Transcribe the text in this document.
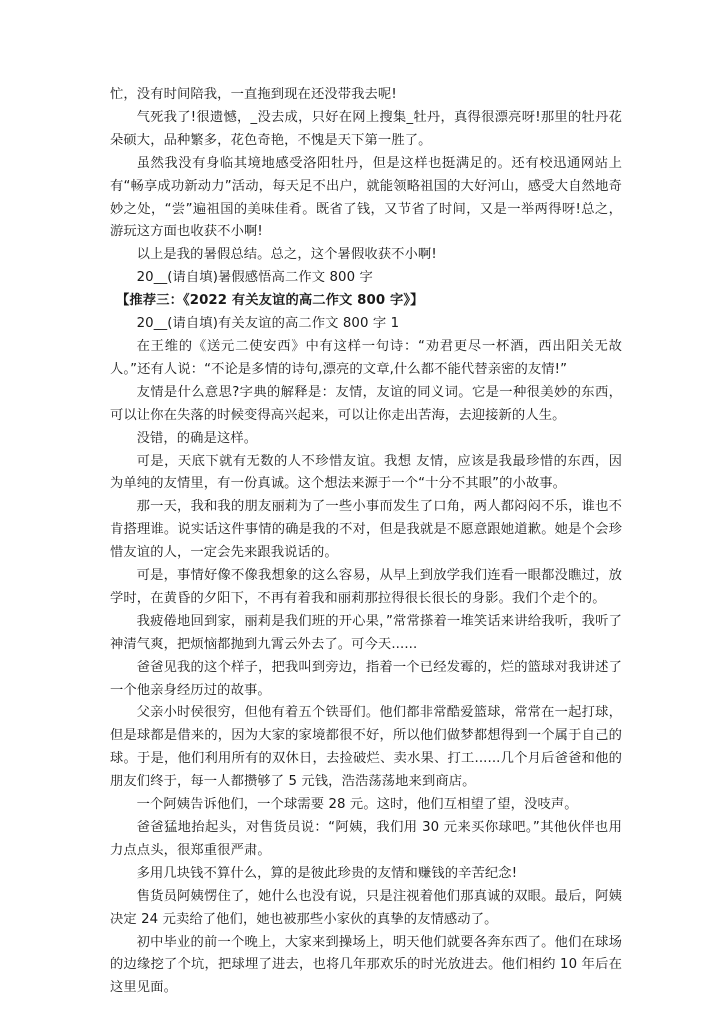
忙，没有时间陪我，一直拖到现在还没带我去呢!

气死我了!很遗憾，_没去成，只好在网上搜集_牡丹，真得很漂亮呀!那里的牡丹花朵硕大，品种繁多，花色奇艳，不愧是天下第一胜了。

虽然我没有身临其境地感受洛阳牡丹，但是这样也挺满足的。还有校迅通网站上有“畅享成功新动力”活动，每天足不出户，就能领略祖国的大好河山，感受大自然地奇妙之处，“尝”遍祖国的美味佳肴。既省了钱，又节省了时间，又是一举两得呀!总之，游玩这方面也收获不小啊!

以上是我的暑假总结。总之，这个暑假收获不小啊!

20__(请自填)暑假感悟高二作文 800 字

【推荐三：《2022 有关友谊的高二作文 800 字》】

20__(请自填)有关友谊的高二作文 800 字 1

在王维的《送元二使安西》中有这样一句诗：“劝君更尽一杯酒，西出阳关无故人。”还有人说：“不论是多情的诗句,漂亮的文章,什么都不能代替亲密的友情!”

友情是什么意思?字典的解释是：友情，友谊的同义词。它是一种很美妙的东西，可以让你在失落的时候变得高兴起来，可以让你走出苦海，去迎接新的人生。

没错，的确是这样。

可是，天底下就有无数的人不珍惜友谊。我想 友情，应该是我最珍惜的东西，因为单纯的友情里，有一份真诚。这个想法来源于一个“十分不其眼”的小故事。

那一天，我和我的朋友丽莉为了一些小事而发生了口角，两人都闷闷不乐，谁也不肯搭理谁。说实话这件事情的确是我的不对，但是我就是不愿意跟她道歉。她是个会珍惜友谊的人，一定会先来跟我说话的。

可是，事情好像不像我想象的这么容易，从早上到放学我们连看一眼都没瞧过，放学时，在黄昏的夕阳下，不再有着我和丽莉那拉得很长很长的身影。我们个走个的。

我疲倦地回到家，丽莉是我们班的开心果，”常常搽着一堆笑话来讲给我听，我听了神清气爽，把烦恼都抛到九霄云外去了。可今天......

爸爸见我的这个样子，把我叫到旁边，指着一个已经发霉的，烂的篮球对我讲述了一个他亲身经历过的故事。

父亲小时侯很穷，但他有着五个铁哥们。他们都非常酷爱篮球，常常在一起打球，但是球都是借来的，因为大家的家境都很不好，所以他们做梦都想得到一个属于自己的球。于是，他们利用所有的双休日，去捡破烂、卖水果、打工......几个月后爸爸和他的朋友们终于，每一人都攒够了 5 元钱，浩浩荡荡地来到商店。

一个阿姨告诉他们，一个球需要 28 元。这时，他们互相望了望，没吱声。

爸爸猛地抬起头，对售货员说：“阿姨，我们用 30 元来买你球吧。”其他伙伴也用力点点头，很郑重很严肃。

多用几块钱不算什么，算的是彼此珍贵的友情和赚钱的辛苦纪念!

售货员阿姨愣住了，她什么也没有说，只是注视着他们那真诚的双眼。最后，阿姨决定 24 元卖给了他们，她也被那些小家伙的真挚的友情感动了。

初中毕业的前一个晚上，大家来到操场上，明天他们就要各奔东西了。他们在球场的边缘挖了个坑，把球埋了进去，也将几年那欢乐的时光放进去。他们相约 10 年后在这里见面。
